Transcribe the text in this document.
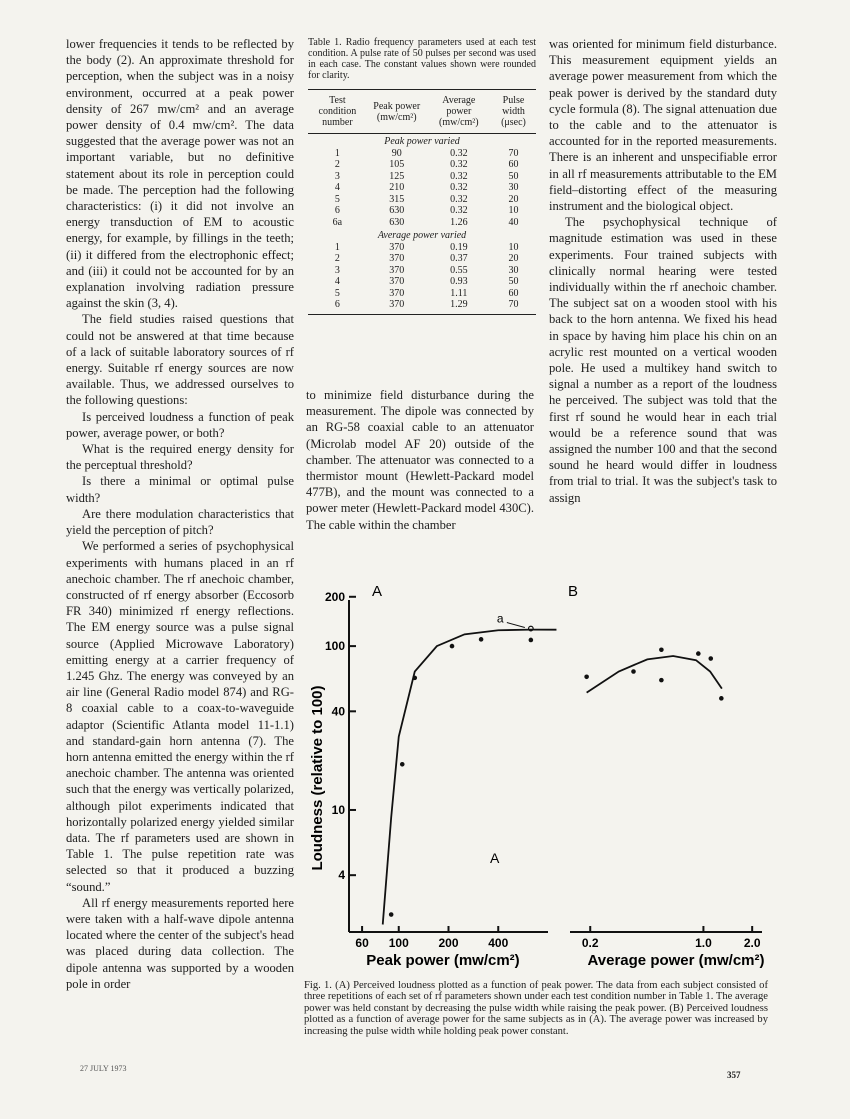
lower frequencies it tends to be reflected by the body (2). An approximate threshold for perception, when the subject was in a noisy environment, occurred at a peak power density of 267 mw/cm² and an average power density of 0.4 mw/cm². The data suggested that the average power was not an important variable, but no definitive statement about its role in perception could be made. The perception had the following characteristics: (i) it did not involve an energy transduction of EM to acoustic energy, for example, by fillings in the teeth; (ii) it differed from the electrophonic effect; and (iii) it could not be accounted for by an explanation involving radiation pressure against the skin (3, 4).

The field studies raised questions that could not be answered at that time because of a lack of suitable laboratory sources of rf energy. Suitable rf energy sources are now available. Thus, we addressed ourselves to the following questions:

Is perceived loudness a function of peak power, average power, or both?

What is the required energy density for the perceptual threshold?

Is there a minimal or optimal pulse width?

Are there modulation characteristics that yield the perception of pitch?

We performed a series of psychophysical experiments with humans placed in an rf anechoic chamber. The rf anechoic chamber, constructed of rf energy absorber (Eccosorb FR 340) minimized rf energy reflections. The EM energy source was a pulse signal source (Applied Microwave Laboratory) emitting energy at a carrier frequency of 1.245 Ghz. The energy was conveyed by an air line (General Radio model 874) and RG-8 coaxial cable to a coax-to-waveguide adaptor (Scientific Atlanta model 11-1.1) and standard-gain horn antenna (7). The horn antenna emitted the energy within the rf anechoic chamber. The antenna was oriented such that the energy was vertically polarized, although pilot experiments indicated that horizontally polarized energy yielded similar data. The rf parameters used are shown in Table 1. The pulse repetition rate was selected so that it produced a buzzing “sound.”

All rf energy measurements reported here were taken with a half-wave dipole antenna located where the center of the subject's head was placed during data collection. The dipole antenna was supported by a wooden pole in order

Table 1. Radio frequency parameters used at each test condition. A pulse rate of 50 pulses per second was used in each case. The constant values shown were rounded for clarity.
Test condition number	Peak power (mw/cm²)	Average power (mw/cm²)	Pulse width (μsec)
Peak power varied			
1	90	0.32	70
2	105	0.32	60
3	125	0.32	50
4	210	0.32	30
5	315	0.32	20
6	630	0.32	10
6a	630	1.26	40
Average power varied			
1	370	0.19	10
2	370	0.37	20
3	370	0.55	30
4	370	0.93	50
5	370	1.11	60
6	370	1.29	70

to minimize field disturbance during the measurement. The dipole was connected by an RG-58 coaxial cable to an attenuator (Microlab model AF 20) outside of the chamber. The attenuator was connected to a thermistor mount (Hewlett-Packard model 477B), and the mount was connected to a power meter (Hewlett-Packard model 430C). The cable within the chamber

was oriented for minimum field disturbance. This measurement equipment yields an average power measurement from which the peak power is derived by the standard duty cycle formula (8). The signal attenuation due to the cable and to the attenuator is accounted for in the reported measurements. There is an inherent and unspecifiable error in all rf measurements attributable to the EM field–distorting effect of the measuring instrument and the biological object.

The psychophysical technique of magnitude estimation was used in these experiments. Four trained subjects with clinically normal hearing were tested individually within the rf anechoic chamber. The subject sat on a wooden stool with his back to the horn antenna. We fixed his head in space by having him place his chin on an acrylic rest mounted on a vertical wooden pole. He used a multikey hand switch to signal a number as a report of the loudness he perceived. The subject was told that the first rf sound he would hear in each trial would be a reference sound that was assigned the number 100 and that the second sound he heard would differ in loudness from trial to trial. It was the subject's task to assign

A	B
A
Loudness (relative to 100)
Peak power (mw/cm²)	Average power (mw/cm²)
200
100
40
10
4
60 100 200 400	0.2	1.0	2.0
a
Fig. 1. (A) Perceived loudness plotted as a function of peak power. The data from each subject consisted of three repetitions of each set of rf parameters shown under each test condition number in Table 1. The average power was held constant by decreasing the pulse width while raising the peak power. (B) Perceived loudness plotted as a function of average power for the same subjects as in (A). The average power was increased by increasing the pulse width while holding peak power constant.
27 JULY 1973
357
